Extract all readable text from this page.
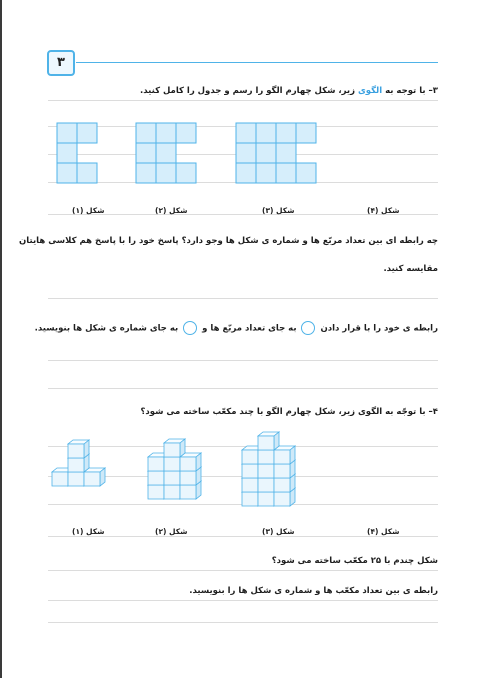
۳
۳– با توجه به الگوی زیر، شکل چهارم الگو را رسم و جدول را کامل کنید.
شکل (۱)	شکل (۲)	شکل (۳)	شکل (۴)
چه رابطه ای بین تعداد مربّع ها و شماره ی شکل ها وجو دارد؟ پاسخ خود را با پاسخ هم کلاسی هایتان
مقایسه کنید.
رابطه ی خود را با قرار دادن  به جای تعداد مربّع ها و  به جای شماره ی شکل ها بنویسید.
۴– با توجّه به الگوی زیر، شکل چهارم الگو با چند مکعّب ساخته می شود؟
شکل (۱)	شکل (۲)	شکل (۳)	شکل (۴)
شکل چندم با ۲۵ مکعّب ساخته می شود؟
رابطه ی بین تعداد مکعّب ها و شماره ی شکل ها را بنویسید.
